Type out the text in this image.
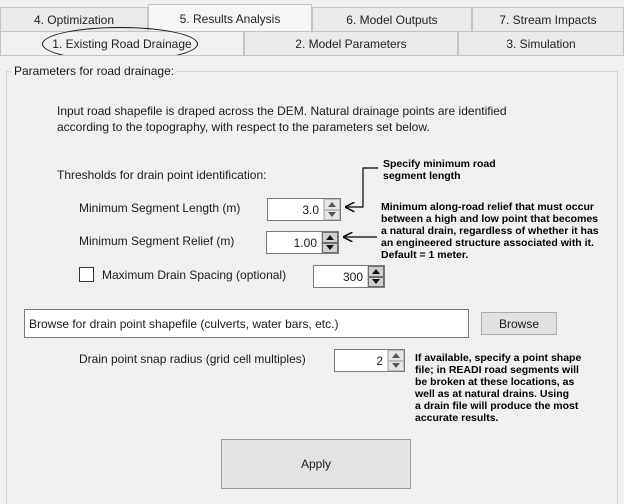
4. Optimization	5. Results Analysis	6. Model Outputs	7. Stream Impacts
1. Existing Road Drainage	2. Model Parameters	3. Simulation
Parameters for road drainage:
Input road shapefile is draped across the DEM. Natural drainage points are identified
according to the topography, with respect to the parameters set below.
Thresholds for drain point identification:
Minimum Segment Length (m)	3.0
Minimum Segment Relief (m)	1.00
Maximum Drain Spacing (optional)	300
Browse for drain point shapefile (culverts, water bars, etc.)	Browse
Drain point snap radius (grid cell multiples)	2
Apply
Specify minimum road
segment length
Minimum along-road relief that must occur
between a high and low point that becomes
a natural drain, regardless of whether it has
an engineered structure associated with it.
Default = 1 meter.
If available, specify a point shape
file; in READI road segments will
be broken at these locations, as
well as at natural drains. Using
a drain file will produce the most
accurate results.
